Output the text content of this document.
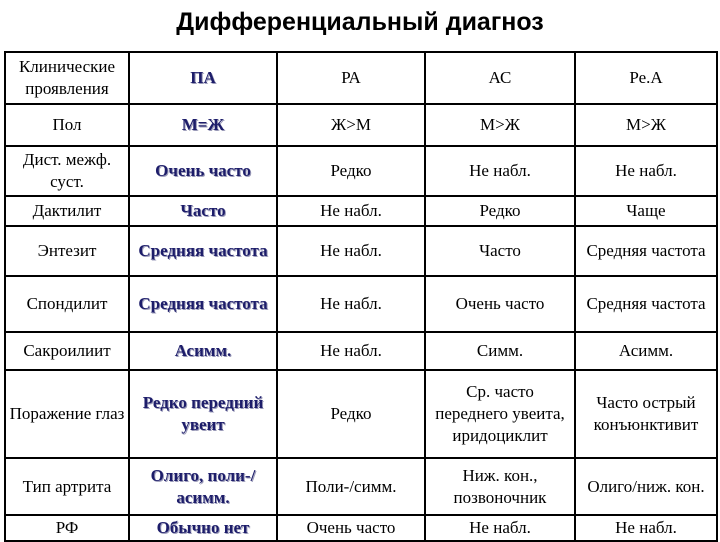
Дифференциальный диагноз
Клинические проявления	ПА	РА	АС	Ре.А
Пол	М=Ж	Ж>М	М>Ж	М>Ж
Дист. межф. суст.	Очень часто	Редко	Не набл.	Не набл.
Дактилит	Часто	Не набл.	Редко	Чаще
Энтезит	Средняя частота	Не набл.	Часто	Средняя частота
Спондилит	Средняя частота	Не набл.	Очень часто	Средняя частота
Сакроилиит	Асимм.	Не набл.	Симм.	Асимм.
Поражение глаз	Редко передний увеит	Редко	Ср. часто переднего увеита, иридоциклит	Часто острый конъюнктивит
Тип артрита	Олиго, поли-/асимм.	Поли-/симм.	Ниж. кон., позвоночник	Олиго/ниж. кон.
РФ	Обычно нет	Очень часто	Не набл.	Не набл.
